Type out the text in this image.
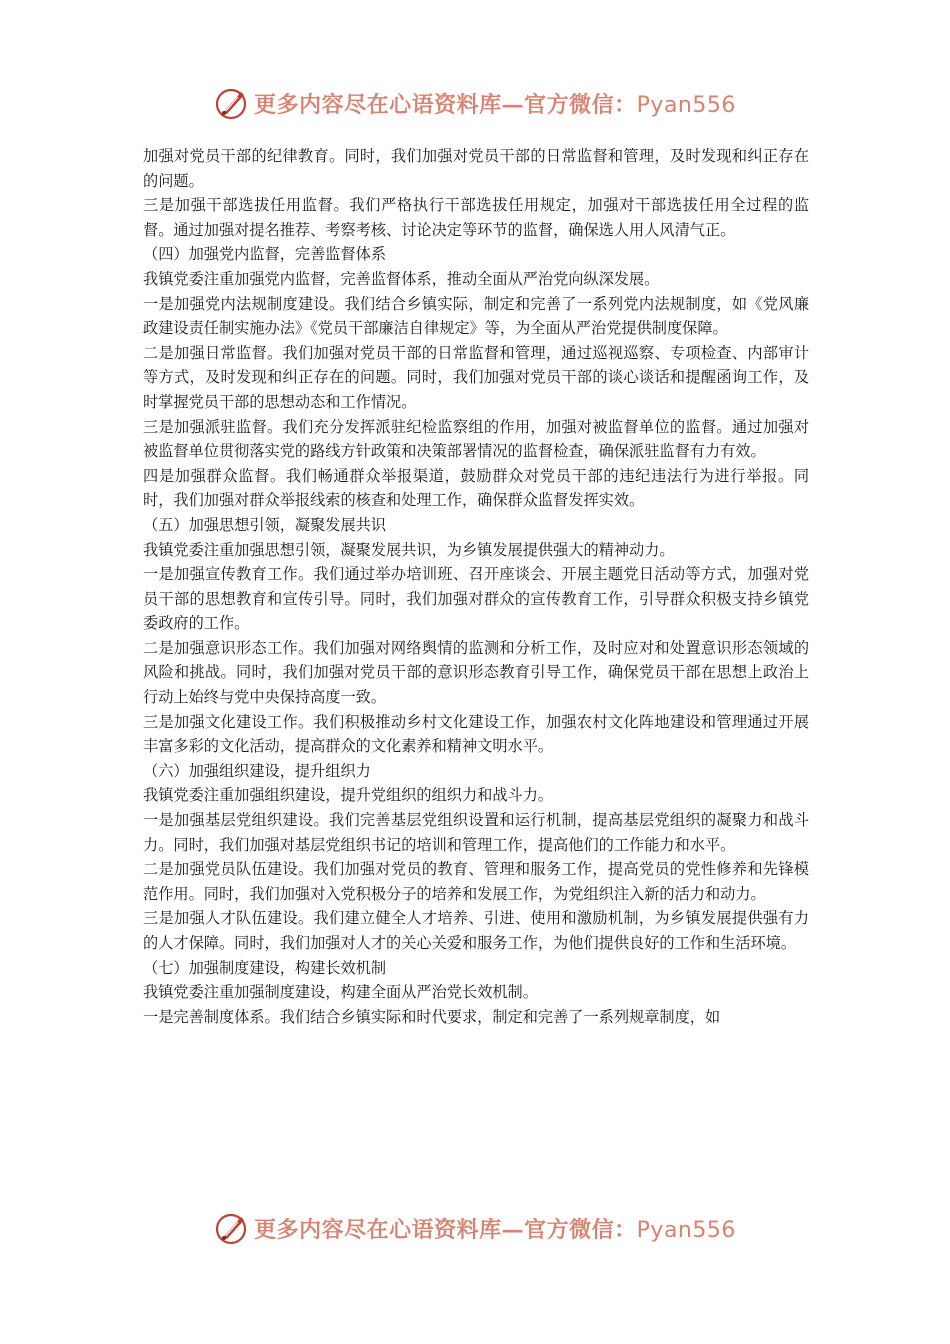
更多内容尽在心语资料库—官方微信：Pyan556

加强对党员干部的纪律教育。同时，我们加强对党员干部的日常监督和管理，及时发现和纠正存在的问题。

三是加强干部选拔任用监督。我们严格执行干部选拔任用规定，加强对干部选拔任用全过程的监督。通过加强对提名推荐、考察考核、讨论决定等环节的监督，确保选人用人风清气正。

（四）加强党内监督，完善监督体系

我镇党委注重加强党内监督，完善监督体系，推动全面从严治党向纵深发展。

一是加强党内法规制度建设。我们结合乡镇实际，制定和完善了一系列党内法规制度，如《党风廉政建设责任制实施办法》《党员干部廉洁自律规定》等，为全面从严治党提供制度保障。

二是加强日常监督。我们加强对党员干部的日常监督和管理，通过巡视巡察、专项检查、内部审计等方式，及时发现和纠正存在的问题。同时，我们加强对党员干部的谈心谈话和提醒函询工作，及时掌握党员干部的思想动态和工作情况。

三是加强派驻监督。我们充分发挥派驻纪检监察组的作用，加强对被监督单位的监督。通过加强对被监督单位贯彻落实党的路线方针政策和决策部署情况的监督检查，确保派驻监督有力有效。

四是加强群众监督。我们畅通群众举报渠道，鼓励群众对党员干部的违纪违法行为进行举报。同时，我们加强对群众举报线索的核查和处理工作，确保群众监督发挥实效。

（五）加强思想引领，凝聚发展共识

我镇党委注重加强思想引领，凝聚发展共识，为乡镇发展提供强大的精神动力。

一是加强宣传教育工作。我们通过举办培训班、召开座谈会、开展主题党日活动等方式，加强对党员干部的思想教育和宣传引导。同时，我们加强对群众的宣传教育工作，引导群众积极支持乡镇党委政府的工作。

二是加强意识形态工作。我们加强对网络舆情的监测和分析工作，及时应对和处置意识形态领域的风险和挑战。同时，我们加强对党员干部的意识形态教育引导工作，确保党员干部在思想上政治上行动上始终与党中央保持高度一致。

三是加强文化建设工作。我们积极推动乡村文化建设工作，加强农村文化阵地建设和管理通过开展丰富多彩的文化活动，提高群众的文化素养和精神文明水平。

（六）加强组织建设，提升组织力

我镇党委注重加强组织建设，提升党组织的组织力和战斗力。

一是加强基层党组织建设。我们完善基层党组织设置和运行机制，提高基层党组织的凝聚力和战斗力。同时，我们加强对基层党组织书记的培训和管理工作，提高他们的工作能力和水平。

二是加强党员队伍建设。我们加强对党员的教育、管理和服务工作，提高党员的党性修养和先锋模范作用。同时，我们加强对入党积极分子的培养和发展工作，为党组织注入新的活力和动力。

三是加强人才队伍建设。我们建立健全人才培养、引进、使用和激励机制，为乡镇发展提供强有力的人才保障。同时，我们加强对人才的关心关爱和服务工作，为他们提供良好的工作和生活环境。

（七）加强制度建设，构建长效机制

我镇党委注重加强制度建设，构建全面从严治党长效机制。

一是完善制度体系。我们结合乡镇实际和时代要求，制定和完善了一系列规章制度，如

更多内容尽在心语资料库—官方微信：Pyan556
